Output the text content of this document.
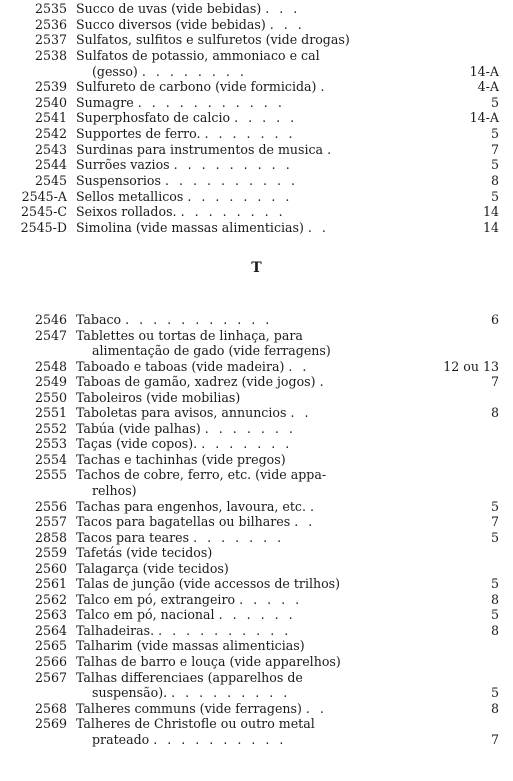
2535 Succo de uvas (vide bebidas) . . .
2536 Succo diversos (vide bebidas) . . .
2537 Sulfatos, sulfitos e sulfuretos (vide drogas)
2538 Sulfatos de potassio, ammoniaco e cal
(gesso) . . . . . . . .	14-A
2539 Sulfureto de carbono (vide formicida) .	4-A
2540 Sumagre . . . . . . . . . . .	5
2541 Superphosfato de calcio . . . . .	14-A
2542 Supportes de ferro. . . . . . . .	5
2543 Surdinas para instrumentos de musica .	7
2544 Surrões vazios . . . . . . . . .	5
2545 Suspensorios . . . . . . . . . .	8
2545-A Sellos metallicos . . . . . . . .	5
2545-C Seixos rollados. . . . . . . . .	14
2545-D Simolina (vide massas alimenticias) . .	14
T
2546 Tabaco . . . . . . . . . . .	6
2547 Tablettes ou tortas de linhaça, para
alimentação de gado (vide ferragens)
2548 Taboado e taboas (vide madeira) . .	12 ou 13
2549 Taboas de gamão, xadrez (vide jogos) .	7
2550 Taboleiros (vide mobilias)
2551 Taboletas para avisos, annuncios . .	8
2552 Tabúa (vide palhas) . . . . . . .
2553 Taças (vide copos). . . . . . . .
2554 Tachas e tachinhas (vide pregos)
2555 Tachos de cobre, ferro, etc. (vide appa-
relhos)
2556 Tachas para engenhos, lavoura, etc. .	5
2557 Tacos para bagatellas ou bilhares . .	7
2858 Tacos para teares . . . . . . .	5
2559 Tafetás (vide tecidos)
2560 Talagarça (vide tecidos)
2561 Talas de junção (vide accessos de trilhos)	5
2562 Talco em pó, extrangeiro . . . . .	8
2563 Talco em pó, nacional . . . . . .	5
2564 Talhadeiras. . . . . . . . . . .	8
2565 Talharim (vide massas alimenticias)
2566 Talhas de barro e louça (vide apparelhos)
2567 Talhas differenciaes (apparelhos de
suspensão). . . . . . . . . .	5
2568 Talheres communs (vide ferragens) . .	8
2569 Talheres de Christofle ou outro metal
prateado . . . . . . . . . .	7
